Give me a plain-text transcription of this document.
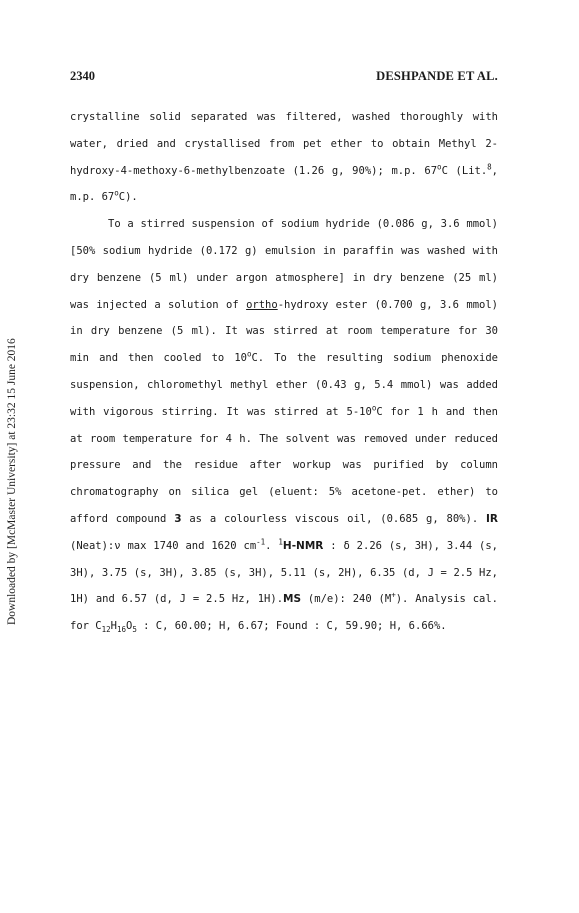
2340	DESHPANDE ET AL.
Downloaded by [McMaster University] at 23:32 15 June 2016

crystalline solid separated was filtered, washed thoroughly with water, dried and crystallised from pet ether to obtain Methyl 2-hydroxy-4-methoxy-6-methylbenzoate (1.26 g, 90%); m.p. 67$^o$C (Lit.$^8$, m.p. 67$^o$C).

To a stirred suspension of sodium hydride (0.086 g, 3.6 mmol) [50% sodium hydride (0.172 g) emulsion in paraffin was washed with dry benzene (5 ml) under argon atmosphere] in dry benzene (25 ml) was injected a solution of ortho-hydroxy ester (0.700 g, 3.6 mmol) in dry benzene (5 ml). It was stirred at room temperature for 30 min and then cooled to 10$^o$C. To the resulting sodium phenoxide suspension, chloromethyl methyl ether (0.43 g, 5.4 mmol) was added with vigorous stirring. It was stirred at 5-10$^o$C for 1 h and then at room temperature for 4 h. The solvent was removed under reduced pressure and the residue after workup was purified by column chromatography on silica gel (eluent: 5% acetone-pet. ether) to afford compound 3 as a colourless viscous oil, (0.685 g, 80%). IR (Neat):ν max 1740 and 1620 $cm^{-1}$. $^1$H-NMR : δ 2.26 (s, 3H), 3.44 (s, 3H), 3.75 (s, 3H), 3.85 (s, 3H), 5.11 (s, 2H), 6.35 (d, J = 2.5 Hz, 1H) and 6.57 (d, J = 2.5 Hz, 1H).MS (m/e): 240 (M+). Analysis cal. for $C_{12}H_{16}O_5$ : C, 60.00; H, 6.67; Found : C, 59.90; H, 6.66%.
